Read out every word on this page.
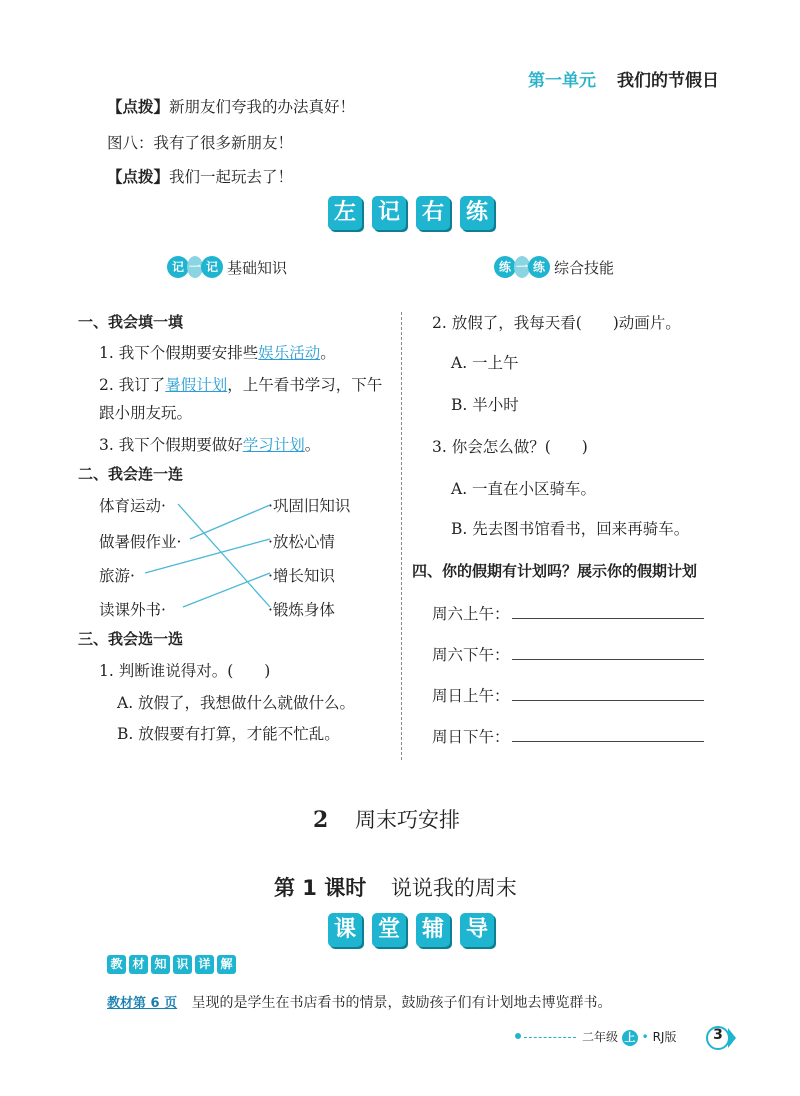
第一单元 我们的节假日
【点拨】新朋友们夸我的办法真好！
图八：我有了很多新朋友！
【点拨】我们一起玩去了！
左 记 右 练
记 一 记 基础知识	练 一 练 综合技能
一、我会填一填
1. 我下个假期要安排些娱乐活动。
2. 我订了暑假计划，上午看书学习，下午
跟小朋友玩。
3. 我下个假期要做好学习计划。
二、我会连一连
体育运动·
做暑假作业·
旅游·
读课外书·
·巩固旧知识
·放松心情
·增长知识
·锻炼身体
三、我会选一选
1. 判断谁说得对。(　　)
A. 放假了，我想做什么就做什么。
B. 放假要有打算，才能不忙乱。
2. 放假了，我每天看(　　)动画片。
A. 一上午
B. 半小时
3. 你会怎么做？(　　)
A. 一直在小区骑车。
B. 先去图书馆看书，回来再骑车。
四、你的假期有计划吗？展示你的假期计划
周六上午：
周六下午：
周日上午：
周日下午：
2 周末巧安排
第 1 课时 说说我的周末
课 堂 辅 导
教 材 知 识 详 解
教材第 6 页 呈现的是学生在书店看书的情景，鼓励孩子们有计划地去博览群书。
二年级 上 • RJ版	3
